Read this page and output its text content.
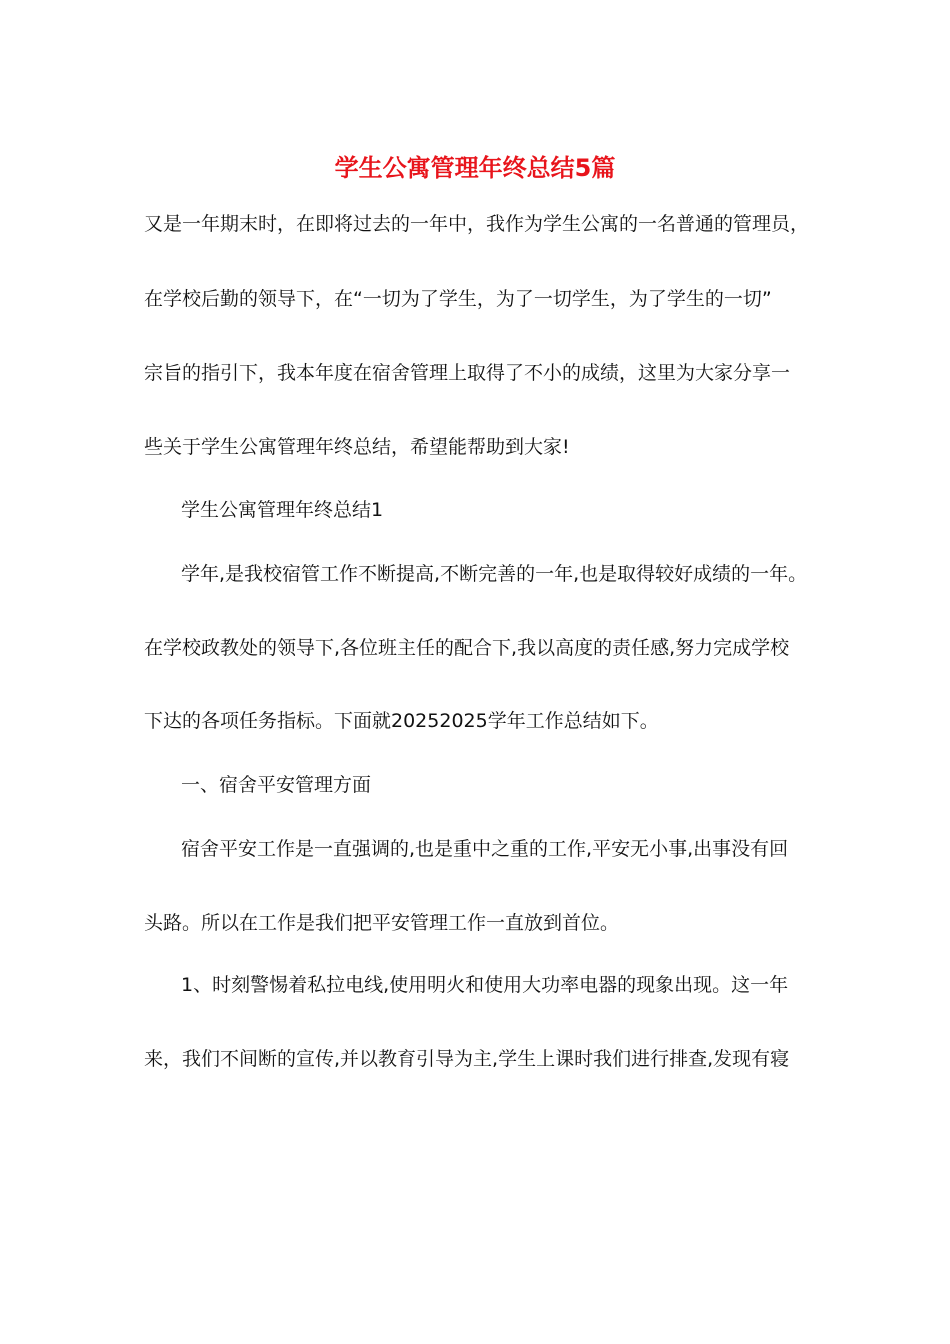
学生公寓管理年终总结5篇
又是一年期末时，在即将过去的一年中，我作为学生公寓的一名普通的管理员，
在学校后勤的领导下，在“一切为了学生，为了一切学生，为了学生的一切”
宗旨的指引下，我本年度在宿舍管理上取得了不小的成绩，这里为大家分享一
些关于学生公寓管理年终总结，希望能帮助到大家!
学生公寓管理年终总结1
学年,是我校宿管工作不断提高,不断完善的一年,也是取得较好成绩的一年。
在学校政教处的领导下,各位班主任的配合下,我以高度的责任感,努力完成学校
下达的各项任务指标。下面就20252025学年工作总结如下。
一、宿舍平安管理方面
宿舍平安工作是一直强调的,也是重中之重的工作,平安无小事,出事没有回
头路。所以在工作是我们把平安管理工作一直放到首位。
1、时刻警惕着私拉电线,使用明火和使用大功率电器的现象出现。这一年
来，我们不间断的宣传,并以教育引导为主,学生上课时我们进行排查,发现有寝
